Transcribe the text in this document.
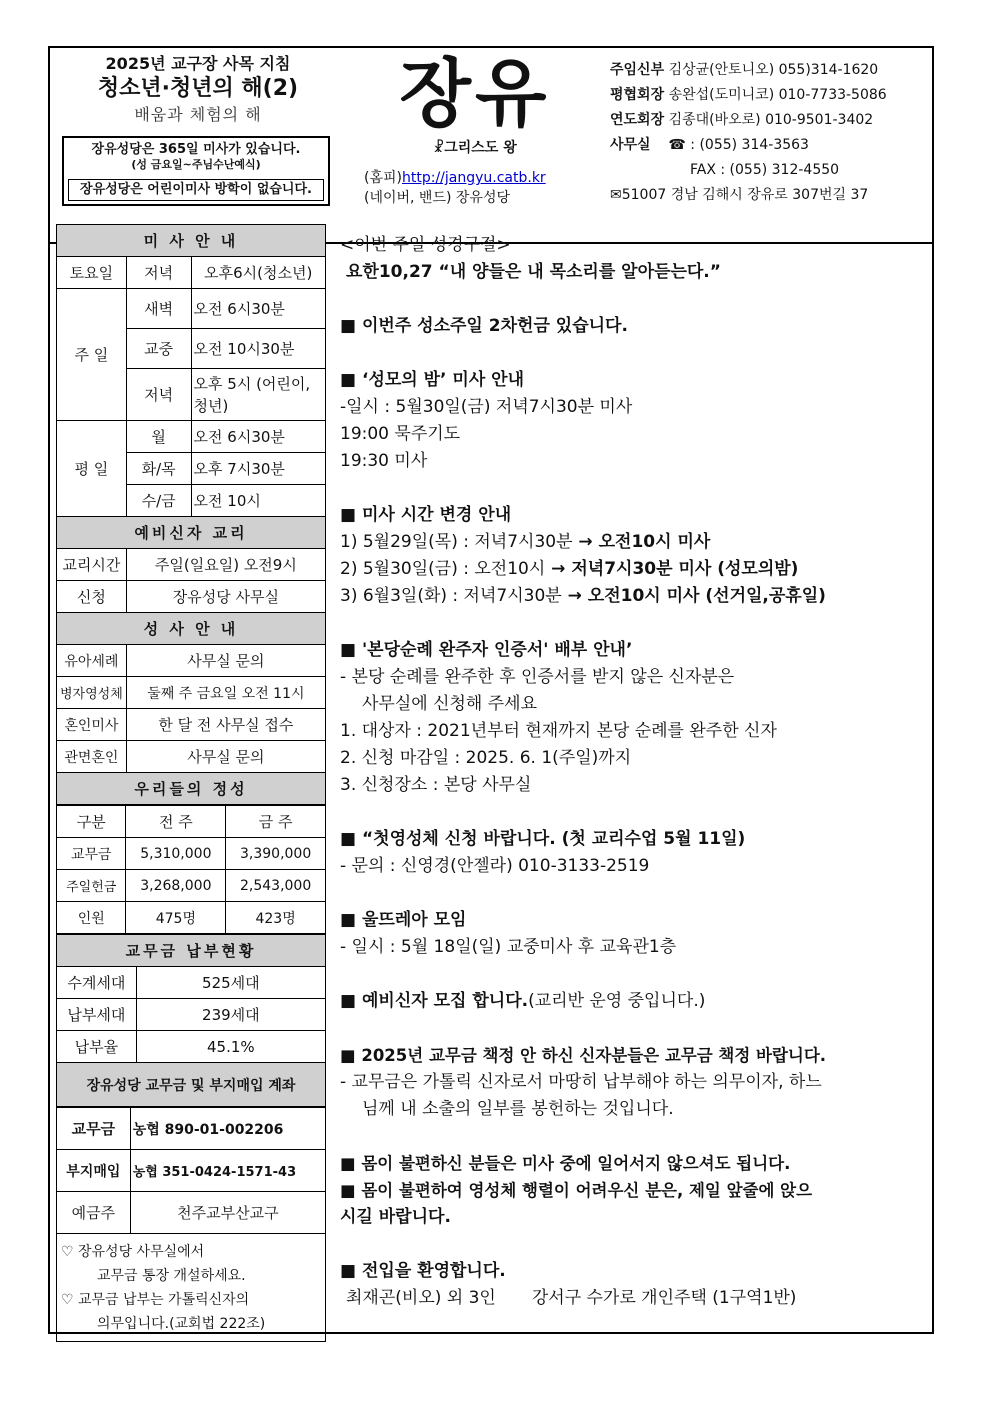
2025년 교구장 사목 지침
청소년·청년의 해(2)
배움과 체험의 해
장유성당은 365일 미사가 있습니다.
(성 금요일~주님수난예식)
장유성당은 어린이미사 방학이 없습니다.
장유
☧그리스도 왕
(홈피)http://jangyu.catb.kr
(네이버, 밴드) 장유성당
주임신부 김상균(안토니오) 055)314-1620
평협회장 송완섭(도미니코) 010-7733-5086
연도회장 김종대(바오로) 010-9501-3402
사무실 ☎ : (055) 314-3563
FAX : (055) 312-4550
✉51007 경남 김해시 장유로 307번길 37
미 사 안 내		
토요일	저녁	오후6시(청소년)
주 일	새벽	오전 6시30분
	교중	오전 10시30분
	저녁	오후 5시 (어린이,청년)
평 일	월	오전 6시30분
	화/목	오후 7시30분
	수/금	오전 10시
예비신자 교리		
교리시간	주일(일요일) 오전9시	
신청	장유성당 사무실	
성 사 안 내		
유아세례	사무실 문의	
병자영성체	둘째 주 금요일 오전 11시	
혼인미사	한 달 전 사무실 접수	
관면혼인	사무실 문의	
우리들의 정성		
구분	전 주	금 주
교무금	5,310,000	3,390,000
주일헌금	3,268,000	2,543,000
인원	475명	423명
교무금 납부현황	
수계세대	525세대
납부세대	239세대
납부율	45.1%
장유성당 교무금 및 부지매입 계좌	
교무금	농협 890-01-002206
부지매입	농협 351-0424-1571-43
예금주	천주교부산교구

♡ 장유성당 사무실에서
교무금 통장 개설하세요.
♡ 교무금 납부는 가톨릭신자의
의무입니다.(교회법 222조)	
<이번 주일 성경구절>
요한10,27 “내 양들은 내 목소리를 알아듣는다.”
■ 이번주 성소주일 2차헌금 있습니다.
■ ‘성모의 밤’ 미사 안내
-일시 : 5월30일(금) 저녁7시30분 미사
19:00 묵주기도
19:30 미사
■ 미사 시간 변경 안내
1) 5월29일(목) : 저녁7시30분 → 오전10시 미사
2) 5월30일(금) : 오전10시 → 저녁7시30분 미사 (성모의밤)
3) 6월3일(화) : 저녁7시30분 → 오전10시 미사 (선거일,공휴일)
■ '본당순례 완주자 인증서' 배부 안내’
- 본당 순례를 완주한 후 인증서를 받지 않은 신자분은
사무실에 신청해 주세요
1. 대상자 : 2021년부터 현재까지 본당 순례를 완주한 신자
2. 신청 마감일 : 2025. 6. 1(주일)까지
3. 신청장소 : 본당 사무실
■ “첫영성체 신청 바랍니다. (첫 교리수업 5월 11일)
- 문의 : 신영경(안젤라) 010-3133-2519
■ 울뜨레아 모임
- 일시 : 5월 18일(일) 교중미사 후 교육관1층
■ 예비신자 모집 합니다.(교리반 운영 중입니다.)
■ 2025년 교무금 책정 안 하신 신자분들은 교무금 책정 바랍니다.
- 교무금은 가톨릭 신자로서 마땅히 납부해야 하는 의무이자, 하느
님께 내 소출의 일부를 봉헌하는 것입니다.
■ 몸이 불편하신 분들은 미사 중에 일어서지 않으셔도 됩니다.
■ 몸이 불편하여 영성체 행렬이 어려우신 분은, 제일 앞줄에 앉으
시길 바랍니다.
■ 전입을 환영합니다.
최재곤(비오) 외 3인 강서구 수가로 개인주택 (1구역1반)
